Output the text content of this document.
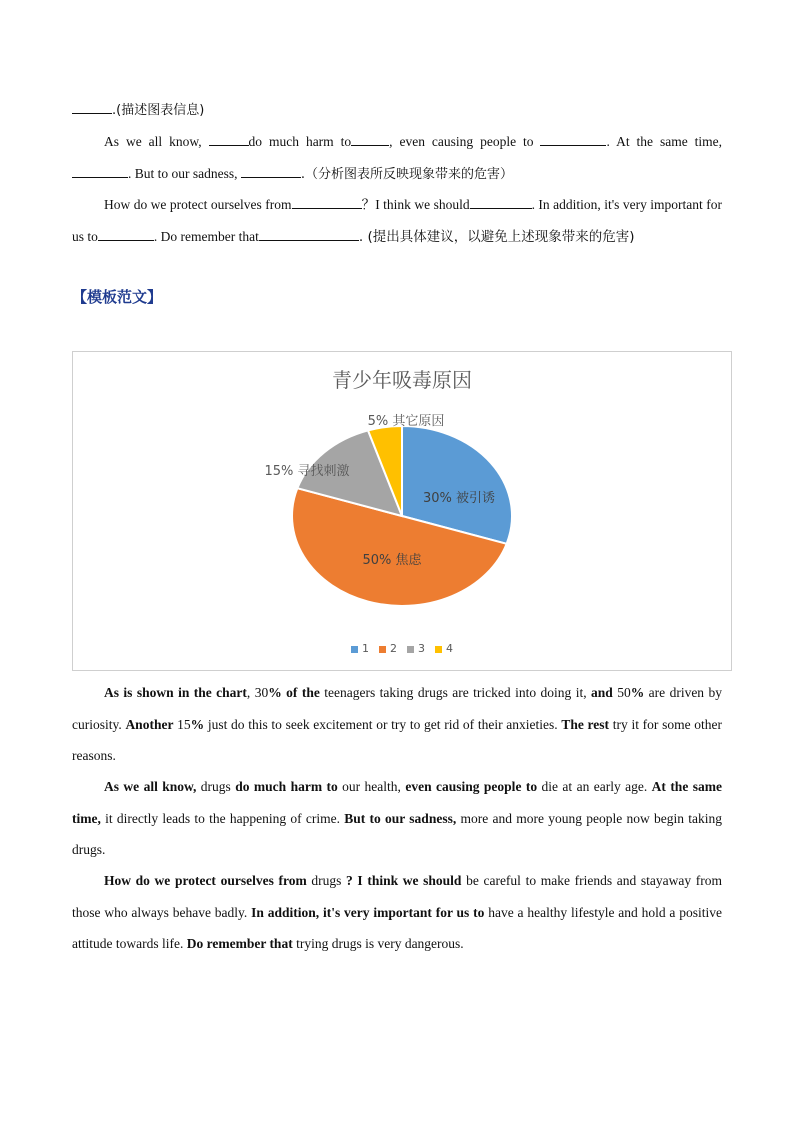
.(描述图表信息)
As we all know,	do much harm to	, even causing people to	. At the same time, . But to our sadness,	.（分析图表所反映现象带来的危害）
How do we protect ourselves from	？I think we should	. In addition, it's very important for us to	. Do remember that	. (提出具体建议，以避免上述现象带来的危害)
【模板范文】
青少年吸毒原因
30% 被引诱
50% 焦虑
15% 寻找刺激
5% 其它原因
1 2 3 4
As is shown in the chart, 30% of the teenagers taking drugs are tricked into doing it, and 50% are driven by curiosity. Another 15% just do this to seek excitement or try to get rid of their anxieties. The rest try it for some other reasons.
As we all know, drugs do much harm to our health, even causing people to die at an early age. At the same time, it directly leads to the happening of crime. But to our sadness, more and more young people now begin taking drugs.
How do we protect ourselves from drugs ? I think we should be careful to make friends and stayaway from those who always behave badly. In addition, it's very important for us to have a healthy lifestyle and hold a positive attitude towards life. Do remember that trying drugs is very dangerous.
